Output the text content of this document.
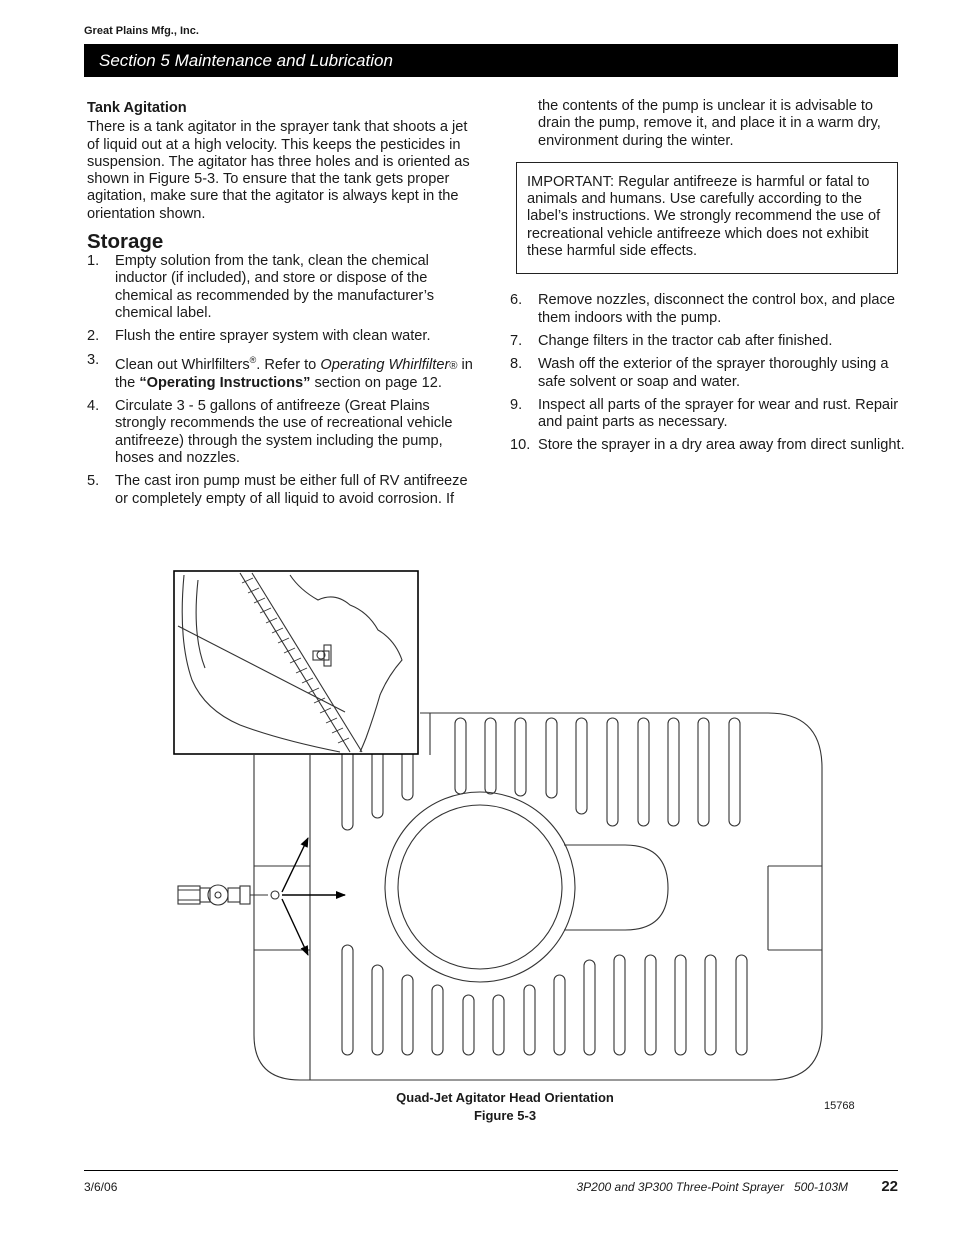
Great Plains Mfg., Inc.
Section 5 Maintenance and Lubrication
Tank Agitation

There is a tank agitator in the sprayer tank that shoots a jet of liquid out at a high velocity. This keeps the pesticides in suspension. The agitator has three holes and is oriented as shown in Figure 5-3. To ensure that the tank gets proper agitation, make sure that the agitator is always kept in the orientation shown.

Storage
1.	Empty solution from the tank, clean the chemical inductor (if included), and store or dispose of the chemical as recommended by the manufacturer’s chemical label.
2.	Flush the entire sprayer system with clean water.
3.	Clean out Whirlfilters®. Refer to Operating Whirlfilter® in the “Operating Instructions” section on page 12.
4.	Circulate 3 - 5 gallons of antifreeze (Great Plains strongly recommends the use of recreational vehicle antifreeze) through the system including the pump, hoses and nozzles.
5.	The cast iron pump must be either full of RV antifreeze or completely empty of all liquid to avoid corrosion. If

the contents of the pump is unclear it is advisable to drain the pump, remove it, and place it in a warm dry, environment during the winter.

IMPORTANT: Regular antifreeze is harmful or fatal to animals and humans. Use carefully according to the label’s instructions. We strongly recommend the use of recreational vehicle antifreeze which does not exhibit these harmful side effects.
6.	Remove nozzles, disconnect the control box, and place them indoors with the pump.
7.	Change filters in the tractor cab after finished.
8.	Wash off the exterior of the sprayer thoroughly using a safe solvent or soap and water.
9.	Inspect all parts of the sprayer for wear and rust. Repair and paint parts as necessary.
10. Store the sprayer in a dry area away from direct sunlight.
Quad-Jet Agitator Head Orientation
Figure 5-3
15768
3/6/06	3P200 and 3P300 Three-Point Sprayer   500-103M 22
